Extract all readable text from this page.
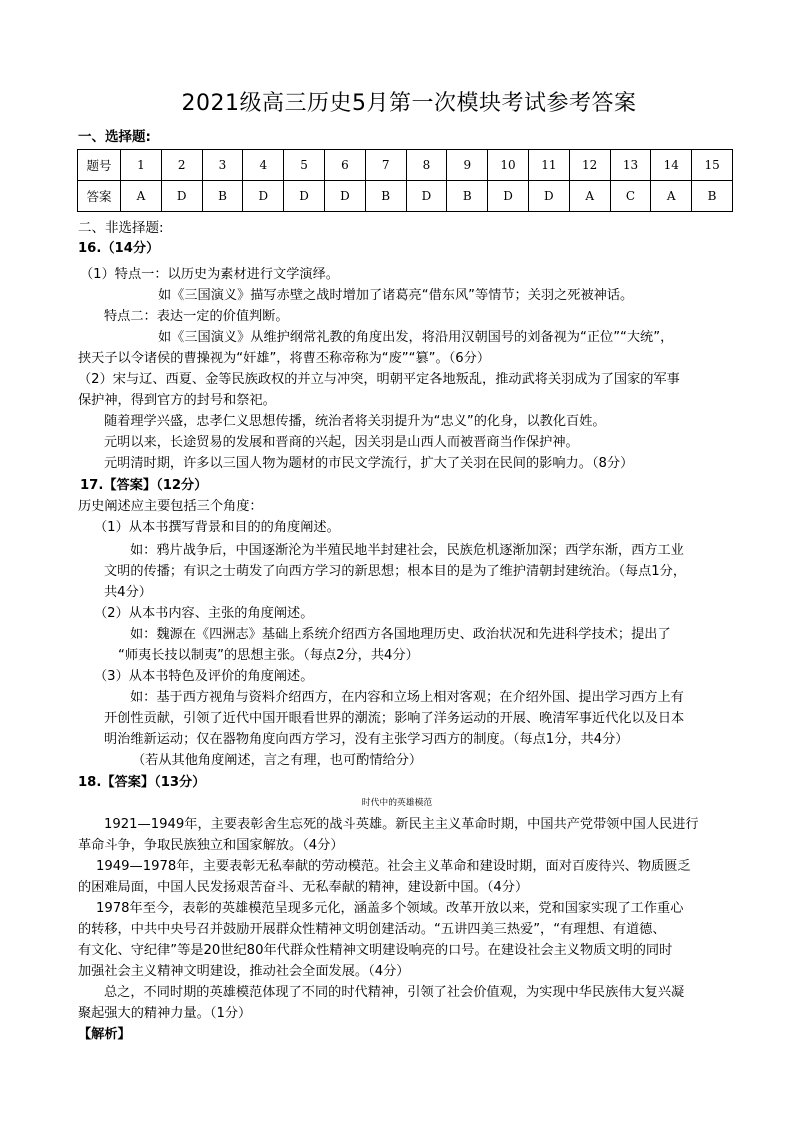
2021级高三历史5月第一次模块考试参考答案
一、选择题:
题号	1	2	3	4	5	6	7	8	9	10	11	12	13	14	15
答案	A	D	B	D	D	D	B	D	B	D	D	A	C	A	B
二、非选择题:
16.（14分）
（1）特点一：以历史为素材进行文学演绎。
如《三国演义》描写赤壁之战时增加了诸葛亮“借东风”等情节；关羽之死被神话。
特点二：表达一定的价值判断。
如《三国演义》从维护纲常礼教的角度出发，将沿用汉朝国号的刘备视为“正位”“大统”，
挟天子以令诸侯的曹操视为“奸雄”，将曹丕称帝称为“废”“篡”。（6分）
（2）宋与辽、西夏、金等民族政权的并立与冲突，明朝平定各地叛乱，推动武将关羽成为了国家的军事
保护神，得到官方的封号和祭祀。
随着理学兴盛，忠孝仁义思想传播，统治者将关羽提升为“忠义”的化身，以教化百姓。
元明以来，长途贸易的发展和晋商的兴起，因关羽是山西人而被晋商当作保护神。
元明清时期，许多以三国人物为题材的市民文学流行，扩大了关羽在民间的影响力。（8分）
17.【答案】（12分）
历史阐述应主要包括三个角度：
（1）从本书撰写背景和目的的角度阐述。
如：鸦片战争后，中国逐渐沦为半殖民地半封建社会，民族危机逐渐加深；西学东渐，西方工业
文明的传播；有识之士萌发了向西方学习的新思想；根本目的是为了维护清朝封建统治。（每点1分，
共4分）
（2）从本书内容、主张的角度阐述。
如：魏源在《四洲志》基础上系统介绍西方各国地理历史、政治状况和先进科学技术；提出了
“师夷长技以制夷”的思想主张。（每点2分，共4分）
（3）从本书特色及评价的角度阐述。
如：基于西方视角与资料介绍西方，在内容和立场上相对客观；在介绍外国、提出学习西方上有
开创性贡献，引领了近代中国开眼看世界的潮流；影响了洋务运动的开展、晚清军事近代化以及日本
明治维新运动；仅在器物角度向西方学习，没有主张学习西方的制度。（每点1分，共4分）
（若从其他角度阐述，言之有理，也可酌情给分）
18.【答案】（13分）
时代中的英雄模范
1921—1949年，主要表彰舍生忘死的战斗英雄。新民主主义革命时期，中国共产党带领中国人民进行
革命斗争，争取民族独立和国家解放。（4分）
1949—1978年，主要表彰无私奉献的劳动模范。社会主义革命和建设时期，面对百废待兴、物质匮乏
的困难局面，中国人民发扬艰苦奋斗、无私奉献的精神，建设新中国。（4分）
1978年至今，表彰的英雄模范呈现多元化，涵盖多个领域。改革开放以来，党和国家实现了工作重心
的转移，中共中央号召并鼓励开展群众性精神文明创建活动。“五讲四美三热爱”，“有理想、有道德、
有文化、守纪律”等是20世纪80年代群众性精神文明建设响亮的口号。在建设社会主义物质文明的同时
加强社会主义精神文明建设，推动社会全面发展。（4分）
总之，不同时期的英雄模范体现了不同的时代精神，引领了社会价值观，为实现中华民族伟大复兴凝
聚起强大的精神力量。（1分）
【解析】
